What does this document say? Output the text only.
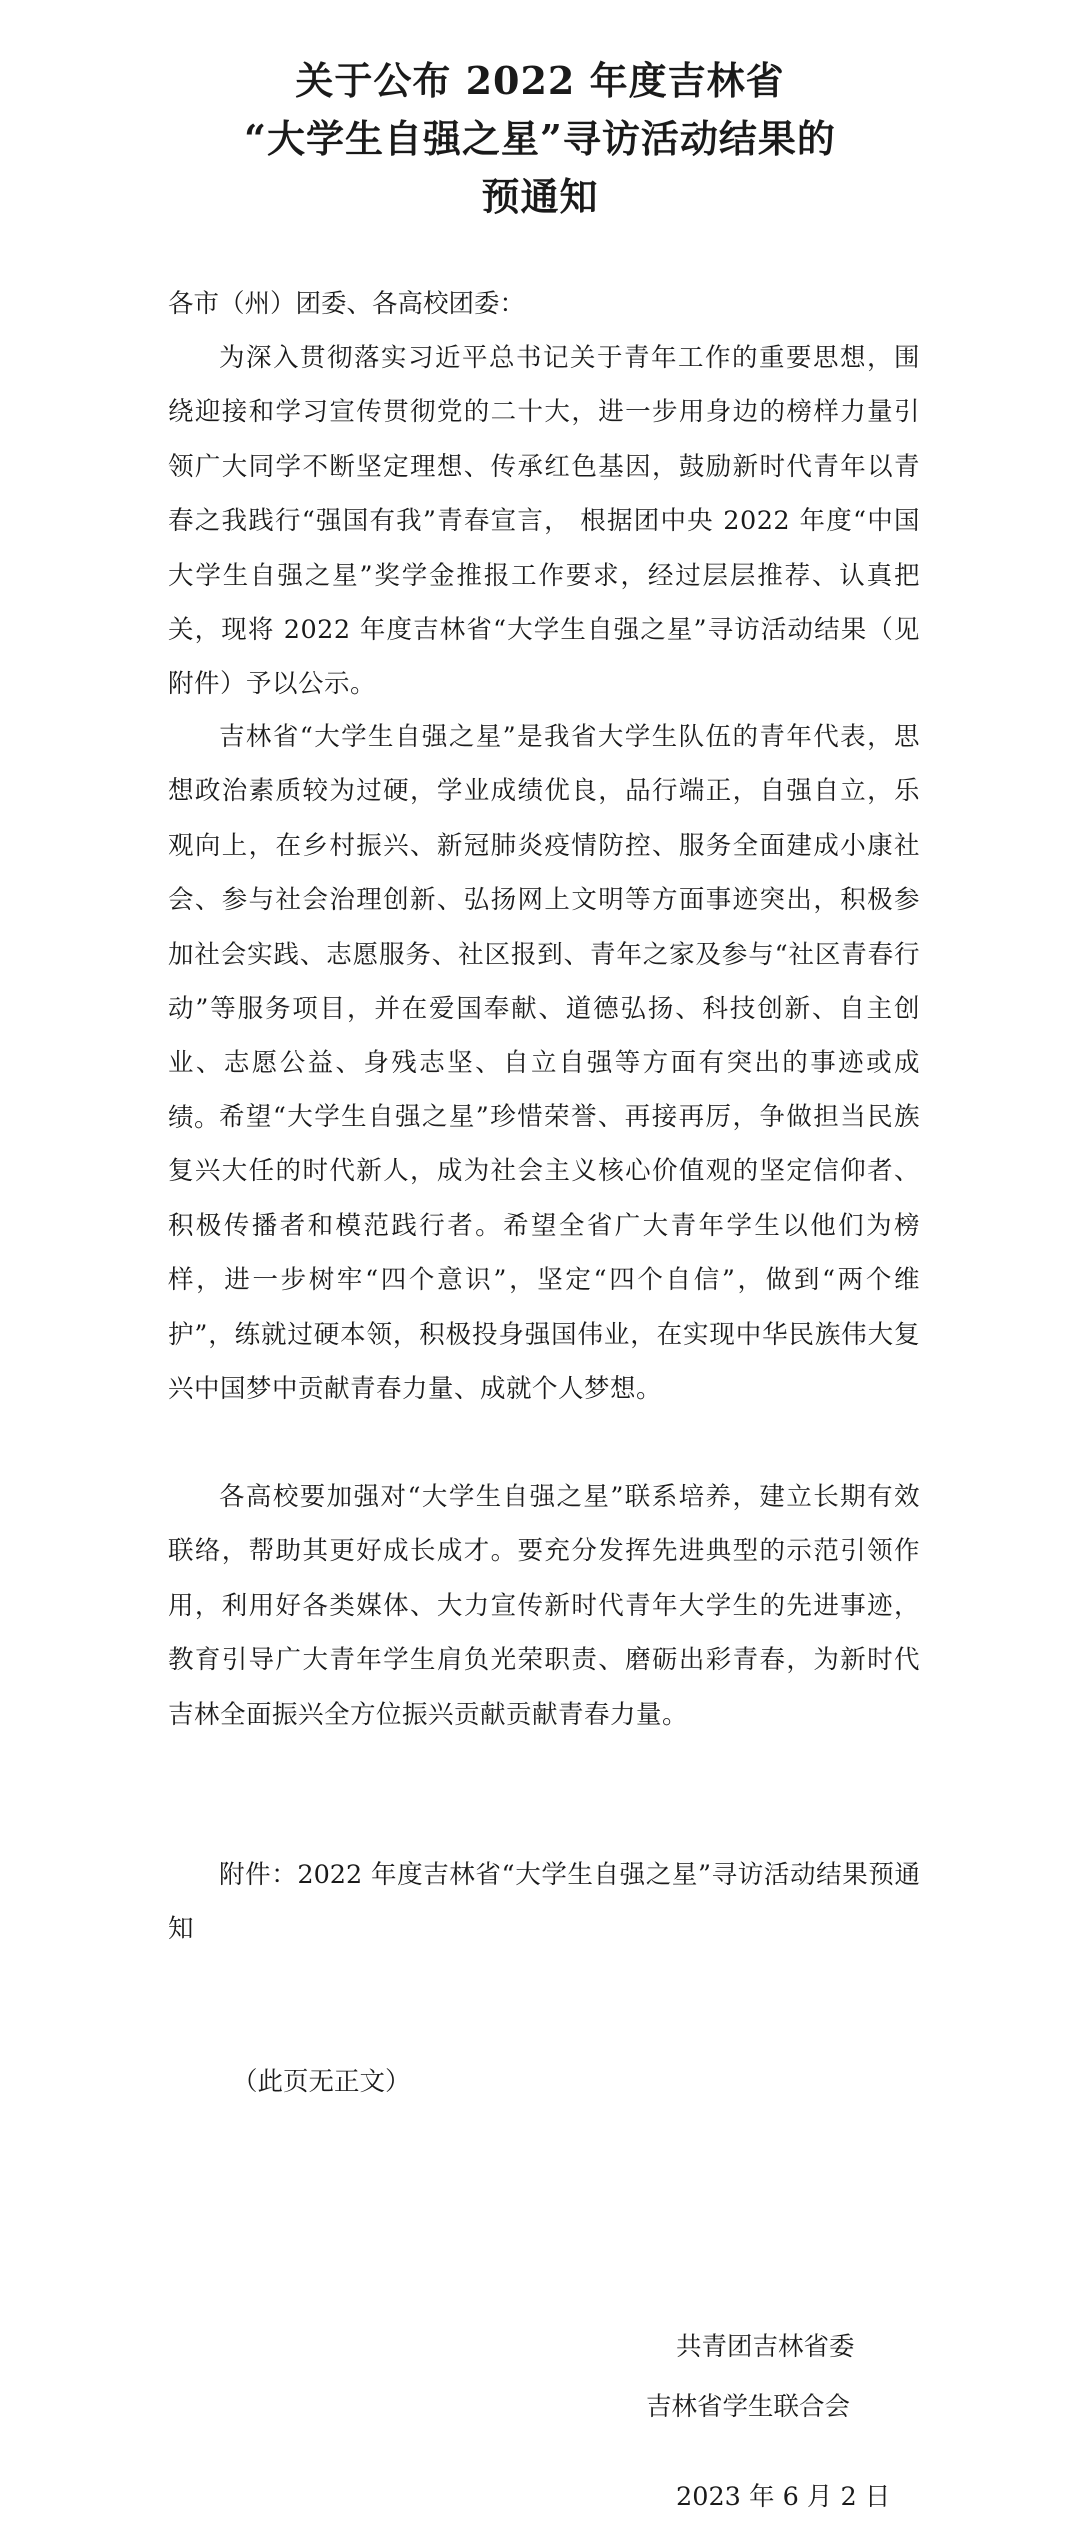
关于公布 2022 年度吉林省
“大学生自强之星”寻访活动结果的
预通知
各市（州）团委、各高校团委：

为深入贯彻落实习近平总书记关于青年工作的重要思想，围绕迎接和学习宣传贯彻党的二十大，进一步用身边的榜样力量引领广大同学不断坚定理想、传承红色基因，鼓励新时代青年以青春之我践行“强国有我”青春宣言， 根据团中央 2022 年度“中国大学生自强之星”奖学金推报工作要求，经过层层推荐、认真把关，现将 2022 年度吉林省“大学生自强之星”寻访活动结果（见附件）予以公示。

吉林省“大学生自强之星”是我省大学生队伍的青年代表，思想政治素质较为过硬，学业成绩优良，品行端正，自强自立，乐观向上，在乡村振兴、新冠肺炎疫情防控、服务全面建成小康社会、参与社会治理创新、弘扬网上文明等方面事迹突出，积极参加社会实践、志愿服务、社区报到、青年之家及参与“社区青春行动”等服务项目，并在爱国奉献、道德弘扬、科技创新、自主创业、志愿公益、身残志坚、自立自强等方面有突出的事迹或成绩。

希望“大学生自强之星”珍惜荣誉、再接再厉，争做担当民族复兴大任的时代新人，成为社会主义核心价值观的坚定信仰者、积极传播者和模范践行者。希望全省广大青年学生以他们为榜样，进一步树牢“四个意识”，坚定“四个自信”，做到“两个维护”，练就过硬本领，积极投身强国伟业，在实现中华民族伟大复兴中国梦中贡献青春力量、成就个人梦想。

各高校要加强对“大学生自强之星”联系培养，建立长期有效联络，帮助其更好成长成才。要充分发挥先进典型的示范引领作用，利用好各类媒体、大力宣传新时代青年大学生的先进事迹，教育引导广大青年学生肩负光荣职责、磨砺出彩青春，为新时代吉林全面振兴全方位振兴贡献贡献青春力量。

附件：2022 年度吉林省“大学生自强之星”寻访活动结果预通知
（此页无正文）
共青团吉林省委
吉林省学生联合会
2023 年 6 月 2 日
